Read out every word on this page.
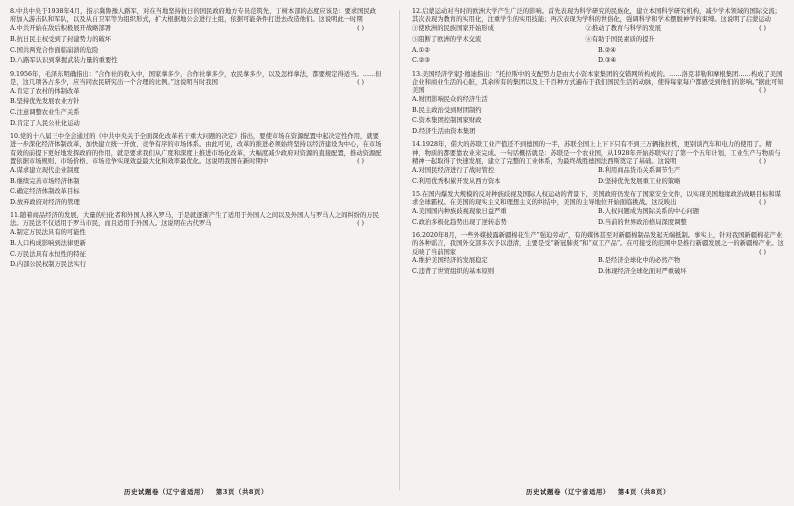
8.中共中央于1938年4月，指示冀鲁豫人路军，对在当地坚持抗日的国民政府地方专员范筑先、丁树本部的态度应该是：要求国民政府加入游击队和军队，以及从自卫军等为组织形式，扩大根据地公会进行土组，依据可能条件打进去改造他们。这说明此一时期
( )

A.中共开始在敌后积极展开战略部署
B.抗日民主权受到了封建势力的破坏
C.国共两党合作面临崩溃的危险
D.八路军认识到掌握武装力量的重要性

9.1956年，毛泽东明确指出：“合作社的收入中，国家拿多少，合作社拿多少，农民拿多少，以及怎样拿法，都要规定得适当。……但是，这几项各占多少，应当同农民研究出一个合理的比例。”这说明当时我国	( )

A.肯定了农村的体制改革
B.坚持优先发展农业方针
C.注意调整农业生产关系
D.肯定了人民公社化运动

10.党的十八届三中全会通过的《中共中央关于全面深化改革若干重大问题的决定》指出，要使市场在资源配置中起决定性作用，就要进一步深化经济体制改革，加快建立统一开放、竞争有序的市场体系。由此可见，改革的推进必须始终坚持以经济建设为中心，在市场有效的前提下更好地发挥政府的作用，就是要求我们从广度和深度上推进市场化改革，大幅度减少政府对资源的直接配置，推动资源配置依据市场规则、市场价格、市场竞争实现效益最大化和效率最优化。这说明我国在新时期中	( )

A.谋求建立现代企业制度
B.继续完善市场经济体制
C.确定经济体制改革目标
D.放弃政府对经济的管理

11.随着商品经济的发展，大量的归化者和外国人移入罗马，于是就逐渐产生了适用于外国人之间以及外国人与罗马人之间纠纷的万民法。万民法不仅适用于罗马市民，而且适用于外国人。这说明在古代罗马	( )

A.制定万民法具有的可能性
B.人口构成影响到法律更新
C.万民法具有永恒性的特征
D.内部公民权制万民法实行
历史试题卷（辽宁省适用） 第3页（共8页）

12.启蒙运动对当时的欧洲大学产生广泛的影响。首先表现为科学研究的民族化，建立本国科学研究机构，减少学术领域的国际交流；其次表现为教育的实用化，注重学生的实用技能；再次表现为学科的世俗化，强调科学和学术摆脱神学的束缚。这说明了启蒙运动
( )

①使欧洲的民族国家开始形成	②推动了教育与科学的发展
③阻断了欧洲的学术交流	④有助于国民素质的提升
A.①②	B.②④
C.②③	D.③④

13.美国经济学家J·穆迪指出：“托拉斯中的支配势力是由大小资本家集团的交错网所构成的。……洛克菲勒和摩根集团……构成了美国企业和商业生活的心脏，其余所有的集团以及上千百种方式遍布于我们国民生活的动脉，使得每家每户都感受到他们的影响。”据此可知美国	( )

A.财团影响民众的经济生活
B.民主政治受到财团制约
C.资本集团控制国家财政
D.经济生活由资本集团

14.1928年，偌大的苏联工业产值还不到德国的一半，苏联全国上上下下只有不到三万辆拖拉机，更别谈汽车和电力的使用了。精神、物质的都要靠农业来完成。一句话概括就是：苏联是一个农业国，从1928年开始苏联实行了第一个五年计划，工业生产与物质与精神一起取得了快速发展，建立了完整的工业体系，为最终战胜德国法西斯奠定了基础。这说明	( )

A.对国民经济进行了战时管控	B.利用商品货币关系调节生产
C.利用优秀积累开发从西方资本	D.坚持优先发展重工业的策略

15.在国内爆发大规模的反对种族歧视及国际人权运动的背景下，美国政府仍发布了国家安全文件，以实现美国地缘政治战略目标和谋求全球霸权。在美国的现实主义和理想主义的纠结中，美国的主导地位开始面临挑战。这反映出	( )

A.美国国内种族歧视现象日益严重	B.人权问题成为国际关系的中心问题
C.政治多极化趋势出现了逆转态势	D.当前的世界政治格局深度调整

16.2020年8月，一些外媒披露新疆棉花生产“强迫劳动”，有的媒体甚至对新疆棉制品发起无端抵制。事实上，针对我国新疆棉花产业的各种谣言，我国外交部多次予以澄清，主要是受“新冠肺炎”和“双工产品”。在可接受的范围中是推行新疆发展之一的新疆棉产业。这反映了当前国家	( )

A.维护美国经济的发展稳定	B.是经济全球化中的必然产物
C.违背了世贸组织的基本原则	D.体现经济全球化面对严重破坏
历史试题卷（辽宁省适用） 第4页（共8页）
